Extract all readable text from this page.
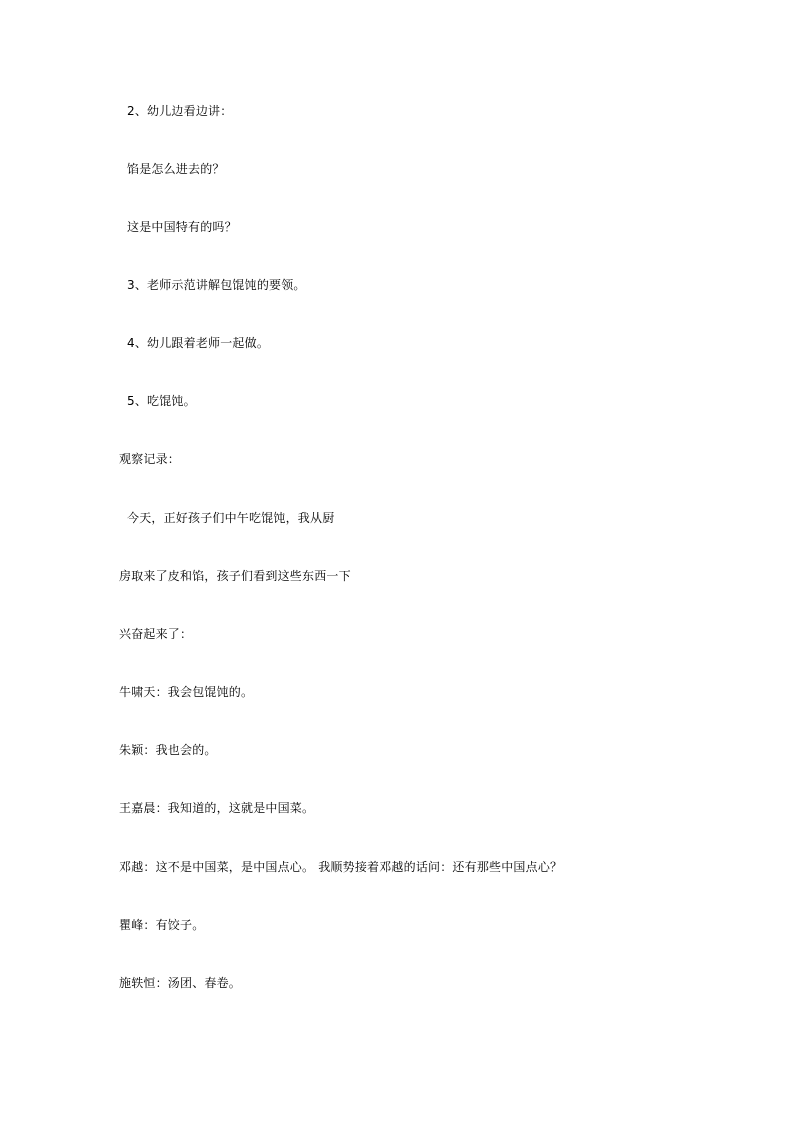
2、幼儿边看边讲：
馅是怎么进去的？
这是中国特有的吗？
3、老师示范讲解包馄饨的要领。
4、幼儿跟着老师一起做。
5、吃馄饨。
观察记录：
今天，正好孩子们中午吃馄饨，我从厨
房取来了皮和馅，孩子们看到这些东西一下
兴奋起来了：
牛啸天：我会包馄饨的。
朱颖：我也会的。
王嘉晨：我知道的，这就是中国菜。
邓越：这不是中国菜，是中国点心。 我顺势接着邓越的话问：还有那些中国点心？
瞿峰：有饺子。
施轶恒：汤团、春卷。
